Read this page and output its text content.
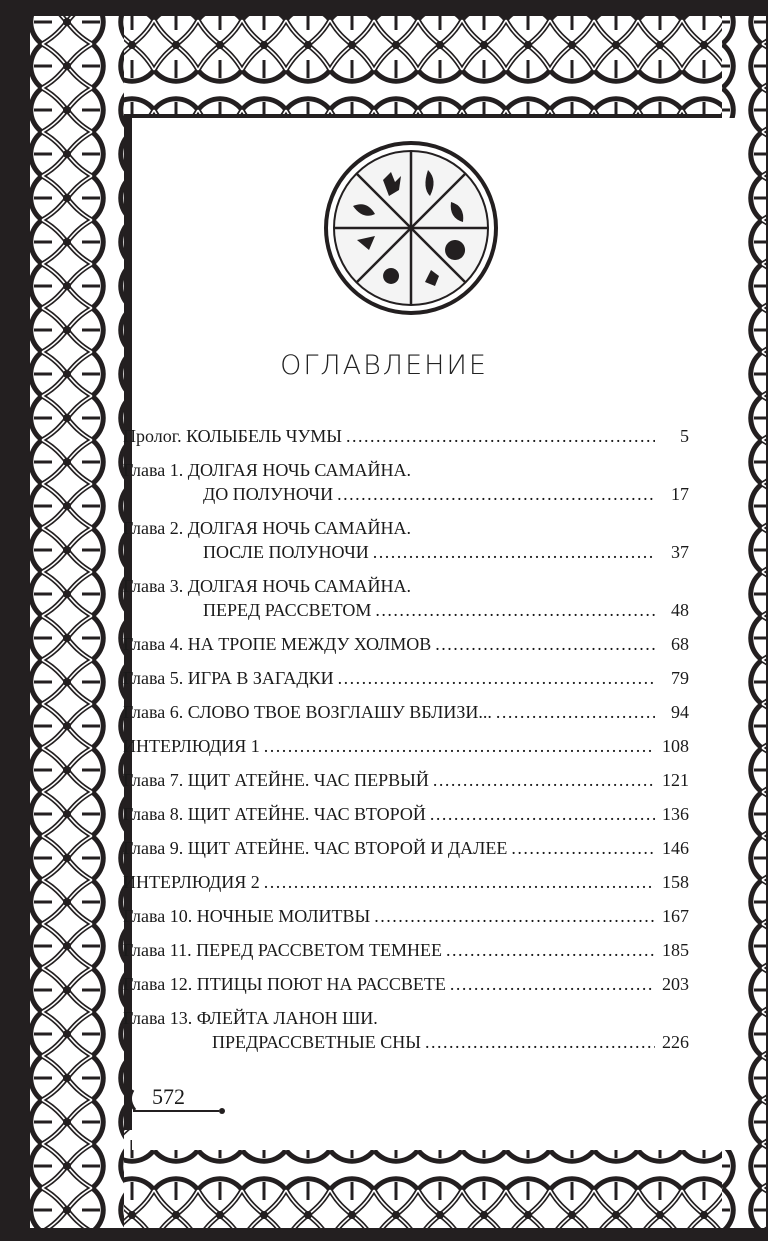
ОГЛАВЛЕНИЕ
Пролог. КОЛЫБЕЛЬ ЧУМЫ . . .	5
Глава 1. ДОЛГАЯ НОЧЬ САМАЙНА.
ДО ПОЛУНОЧИ . . .	17
Глава 2. ДОЛГАЯ НОЧЬ САМАЙНА.
ПОСЛЕ ПОЛУНОЧИ . . .	37
Глава 3. ДОЛГАЯ НОЧЬ САМАЙНА.
ПЕРЕД РАССВЕТОМ . . .	48
Глава 4. НА ТРОПЕ МЕЖДУ ХОЛМОВ . . .	68
Глава 5. ИГРА В ЗАГАДКИ . . .	79
Глава 6. СЛОВО ТВОЕ ВОЗГЛАШУ ВБЛИЗИ... . . .	94
ИНТЕРЛЮДИЯ 1 . . .	108
Глава 7. ЩИТ АТЕЙНЕ. ЧАС ПЕРВЫЙ . . .	121
Глава 8. ЩИТ АТЕЙНЕ. ЧАС ВТОРОЙ . . .	136
Глава 9. ЩИТ АТЕЙНЕ. ЧАС ВТОРОЙ И ДАЛЕЕ . . .	146
ИНТЕРЛЮДИЯ 2 . . .	158
Глава 10. НОЧНЫЕ МОЛИТВЫ . . .	167
Глава 11. ПЕРЕД РАССВЕТОМ ТЕМНЕЕ . . .	185
Глава 12. ПТИЦЫ ПОЮТ НА РАССВЕТЕ . . .	203
Глава 13. ФЛЕЙТА ЛАНОН ШИ.
ПРЕДРАССВЕТНЫЕ СНЫ . . .	226
572
